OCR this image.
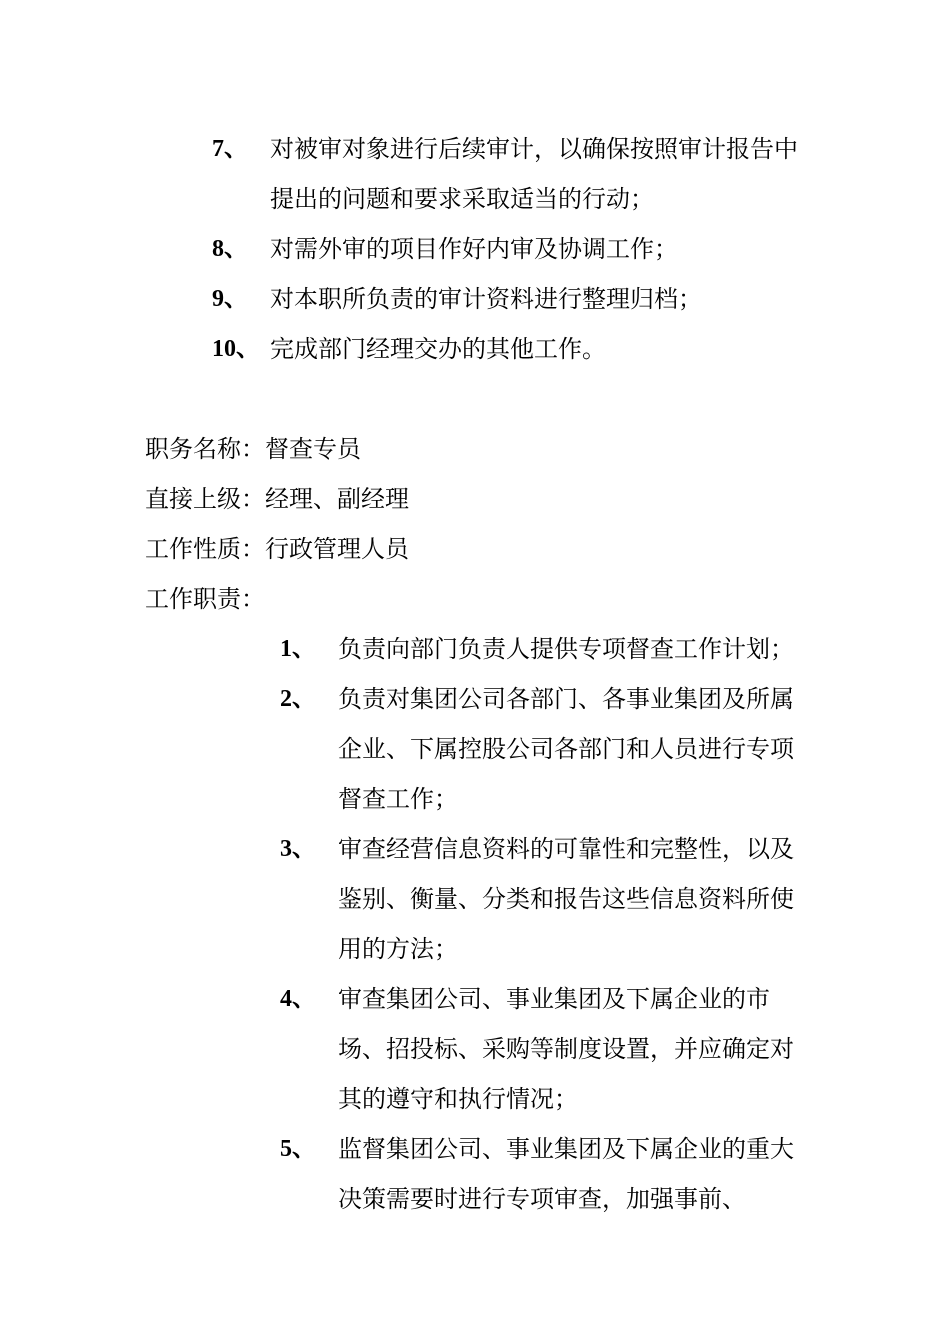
7、 对被审对象进行后续审计，以确保按照审计报告中提出的问题和要求采取适当的行动；
8、 对需外审的项目作好内审及协调工作；
9、 对本职所负责的审计资料进行整理归档；
10、 完成部门经理交办的其他工作。
职务名称：督查专员
直接上级：经理、副经理
工作性质：行政管理人员
工作职责：
1、 负责向部门负责人提供专项督查工作计划；
2、 负责对集团公司各部门、各事业集团及所属企业、下属控股公司各部门和人员进行专项督查工作；
3、 审查经营信息资料的可靠性和完整性，以及鉴别、衡量、分类和报告这些信息资料所使用的方法；
4、 审查集团公司、事业集团及下属企业的市场、招投标、采购等制度设置，并应确定对其的遵守和执行情况；
5、 监督集团公司、事业集团及下属企业的重大决策需要时进行专项审查，加强事前、
